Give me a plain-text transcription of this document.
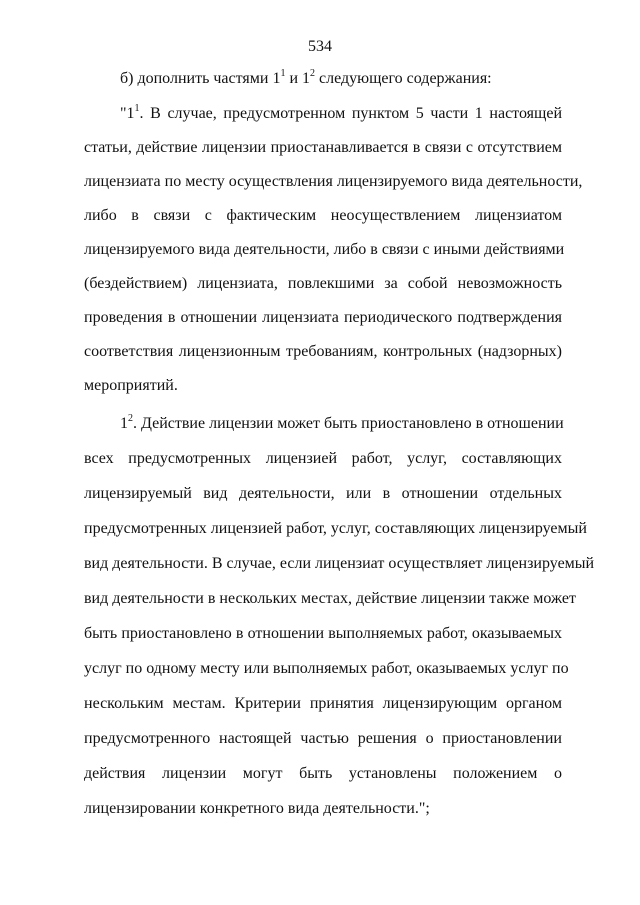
534
б) дополнить частями $1^1$ и $1^2$ следующего содержания:
"$1^1$. В случае, предусмотренном пунктом 5 части 1 настоящей
статьи, действие лицензии приостанавливается в связи с отсутствием
лицензиата по месту осуществления лицензируемого вида деятельности,
либо в связи с фактическим неосуществлением лицензиатом
лицензируемого вида деятельности, либо в связи с иными действиями
(бездействием) лицензиата, повлекшими за собой невозможность
проведения в отношении лицензиата периодического подтверждения
соответствия лицензионным требованиям, контрольных (надзорных)
мероприятий.
$1^2$. Действие лицензии может быть приостановлено в отношении
всех предусмотренных лицензией работ, услуг, составляющих
лицензируемый вид деятельности, или в отношении отдельных
предусмотренных лицензией работ, услуг, составляющих лицензируемый
вид деятельности. В случае, если лицензиат осуществляет лицензируемый
вид деятельности в нескольких местах, действие лицензии также может
быть приостановлено в отношении выполняемых работ, оказываемых
услуг по одному месту или выполняемых работ, оказываемых услуг по
нескольким местам. Критерии принятия лицензирующим органом
предусмотренного настоящей частью решения о приостановлении
действия лицензии могут быть установлены положением о
лицензировании конкретного вида деятельности.";
